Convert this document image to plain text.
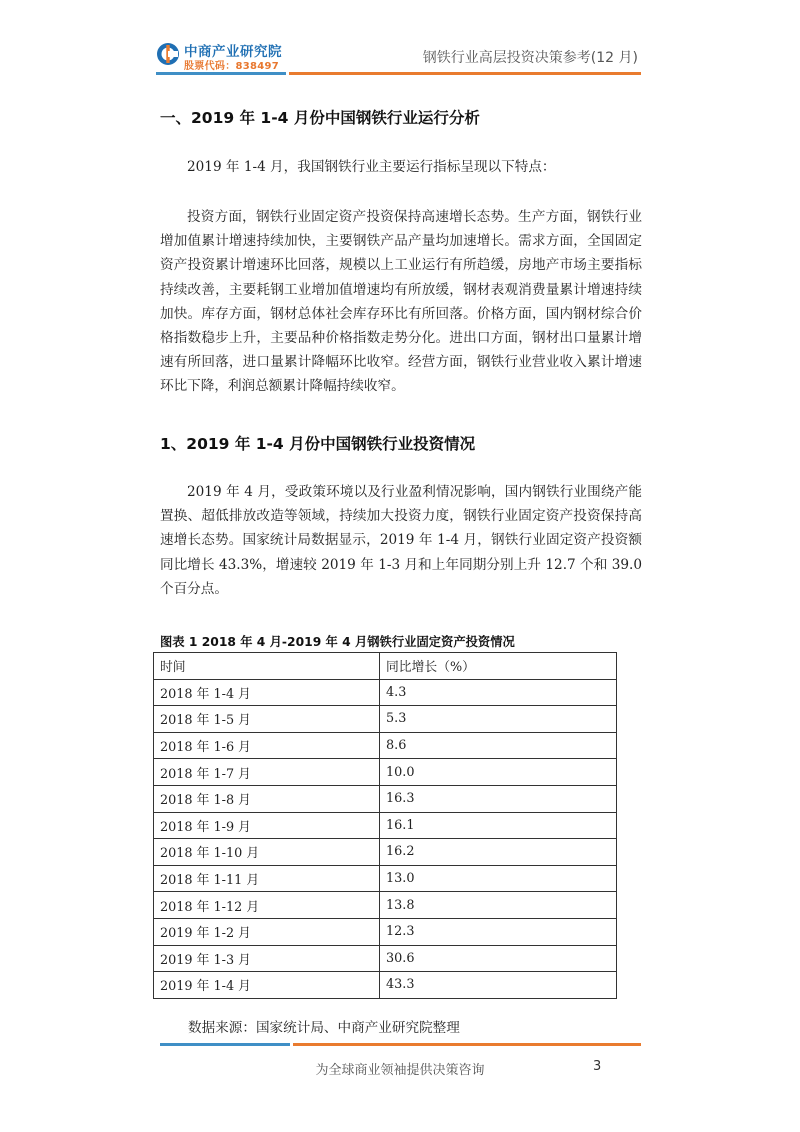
中商产业研究院
股票代码：838497
钢铁行业高层投资决策参考(12 月)
一、2019 年 1-4 月份中国钢铁行业运行分析
2019 年 1-4 月，我国钢铁行业主要运行指标呈现以下特点：
投资方面，钢铁行业固定资产投资保持高速增长态势。生产方面，钢铁行业增加值累计增速持续加快，主要钢铁产品产量均加速增长。需求方面，全国固定资产投资累计增速环比回落，规模以上工业运行有所趋缓，房地产市场主要指标持续改善，主要耗钢工业增加值增速均有所放缓，钢材表观消费量累计增速持续加快。库存方面，钢材总体社会库存环比有所回落。价格方面，国内钢材综合价格指数稳步上升，主要品种价格指数走势分化。进出口方面，钢材出口量累计增速有所回落，进口量累计降幅环比收窄。经营方面，钢铁行业营业收入累计增速环比下降，利润总额累计降幅持续收窄。
1、2019 年 1-4 月份中国钢铁行业投资情况
2019 年 4 月，受政策环境以及行业盈利情况影响，国内钢铁行业围绕产能置换、超低排放改造等领域，持续加大投资力度，钢铁行业固定资产投资保持高速增长态势。国家统计局数据显示，2019 年 1-4 月，钢铁行业固定资产投资额同比增长 43.3%，增速较 2019 年 1-3 月和上年同期分别上升 12.7 个和 39.0 个百分点。
图表 1 2018 年 4 月-2019 年 4 月钢铁行业固定资产投资情况
时间	同比增长（%）
2018 年 1-4 月	4.3
2018 年 1-5 月	5.3
2018 年 1-6 月	8.6
2018 年 1-7 月	10.0
2018 年 1-8 月	16.3
2018 年 1-9 月	16.1
2018 年 1-10 月	16.2
2018 年 1-11 月	13.0
2018 年 1-12 月	13.8
2019 年 1-2 月	12.3
2019 年 1-3 月	30.6
2019 年 1-4 月	43.3
数据来源：国家统计局、中商产业研究院整理
为全球商业领袖提供决策咨询	3
